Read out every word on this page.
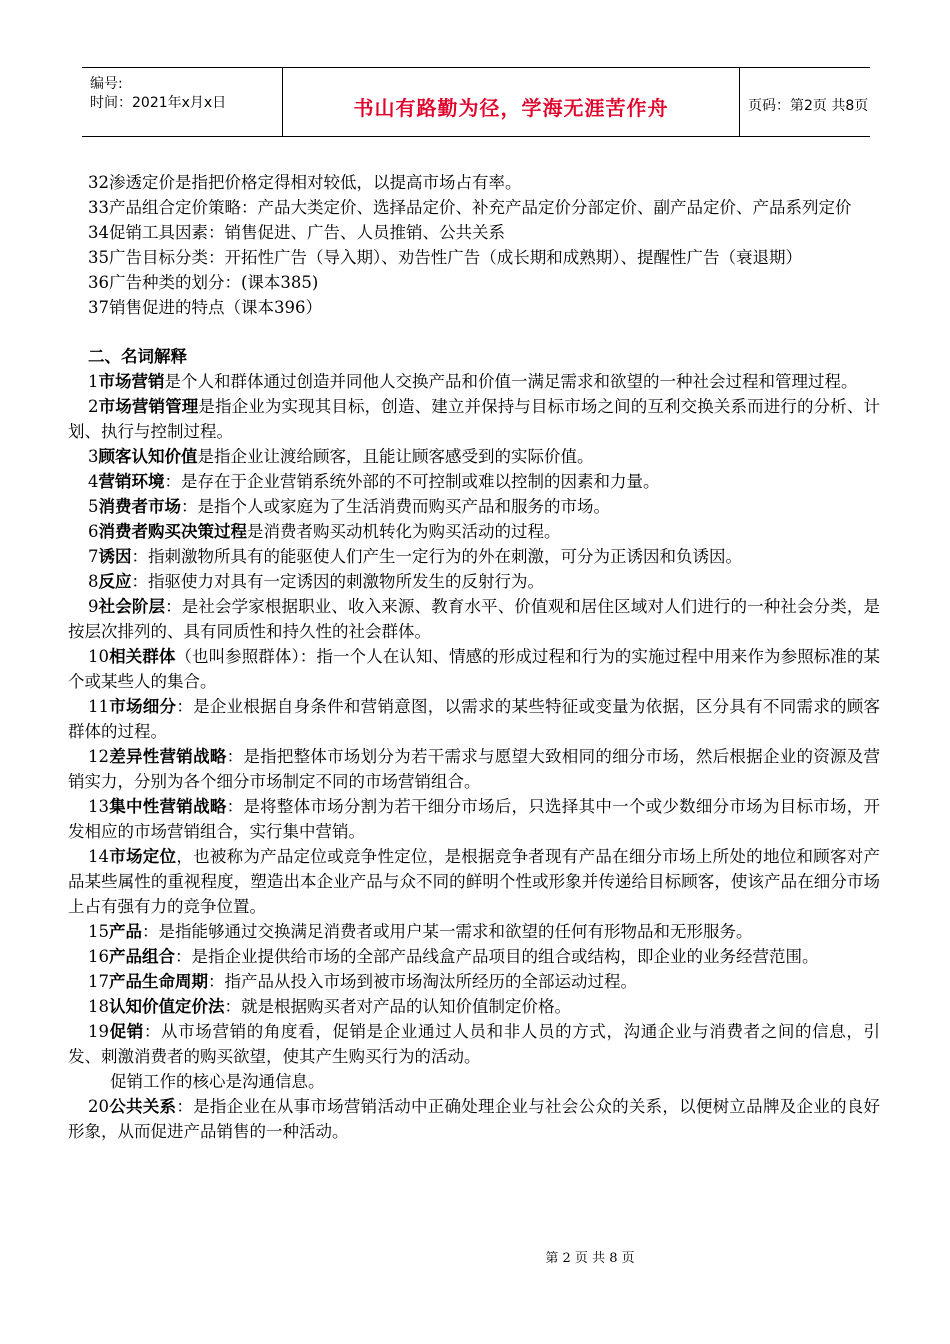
编号:
时间：2021年x月x日	书山有路勤为径，学海无涯苦作舟	页码：第2页 共8页

32渗透定价是指把价格定得相对较低，以提高市场占有率。

33产品组合定价策略：产品大类定价、选择品定价、补充产品定价分部定价、副产品定价、产品系列定价

34促销工具因素：销售促进、广告、人员推销、公共关系

35广告目标分类：开拓性广告（导入期）、劝告性广告（成长期和成熟期）、提醒性广告（衰退期）

36广告种类的划分：(课本385)

37销售促进的特点（课本396）

二、名词解释

1市场营销是个人和群体通过创造并同他人交换产品和价值一满足需求和欲望的一种社会过程和管理过程。

2市场营销管理是指企业为实现其目标，创造、建立并保持与目标市场之间的互利交换关系而进行的分析、计划、执行与控制过程。

3顾客认知价值是指企业让渡给顾客，且能让顾客感受到的实际价值。

4营销环境：是存在于企业营销系统外部的不可控制或难以控制的因素和力量。

5消费者市场：是指个人或家庭为了生活消费而购买产品和服务的市场。

6消费者购买决策过程是消费者购买动机转化为购买活动的过程。

7诱因：指刺激物所具有的能驱使人们产生一定行为的外在刺激，可分为正诱因和负诱因。

8反应：指驱使力对具有一定诱因的刺激物所发生的反射行为。

9社会阶层：是社会学家根据职业、收入来源、教育水平、价值观和居住区域对人们进行的一种社会分类，是按层次排列的、具有同质性和持久性的社会群体。

10相关群体（也叫参照群体）：指一个人在认知、情感的形成过程和行为的实施过程中用来作为参照标准的某个或某些人的集合。

11市场细分：是企业根据自身条件和营销意图，以需求的某些特征或变量为依据，区分具有不同需求的顾客群体的过程。

12差异性营销战略：是指把整体市场划分为若干需求与愿望大致相同的细分市场，然后根据企业的资源及营销实力，分别为各个细分市场制定不同的市场营销组合。

13集中性营销战略：是将整体市场分割为若干细分市场后，只选择其中一个或少数细分市场为目标市场，开发相应的市场营销组合，实行集中营销。

14市场定位，也被称为产品定位或竞争性定位，是根据竞争者现有产品在细分市场上所处的地位和顾客对产品某些属性的重视程度，塑造出本企业产品与众不同的鲜明个性或形象并传递给目标顾客，使该产品在细分市场上占有强有力的竞争位置。

15产品：是指能够通过交换满足消费者或用户某一需求和欲望的任何有形物品和无形服务。

16产品组合：是指企业提供给市场的全部产品线盒产品项目的组合或结构，即企业的业务经营范围。

17产品生命周期：指产品从投入市场到被市场淘汰所经历的全部运动过程。

18认知价值定价法：就是根据购买者对产品的认知价值制定价格。

19促销：从市场营销的角度看，促销是企业通过人员和非人员的方式，沟通企业与消费者之间的信息，引发、刺激消费者的购买欲望，使其产生购买行为的活动。

促销工作的核心是沟通信息。

20公共关系：是指企业在从事市场营销活动中正确处理企业与社会公众的关系，以便树立品牌及企业的良好形象，从而促进产品销售的一种活动。

第 2 页 共 8 页
